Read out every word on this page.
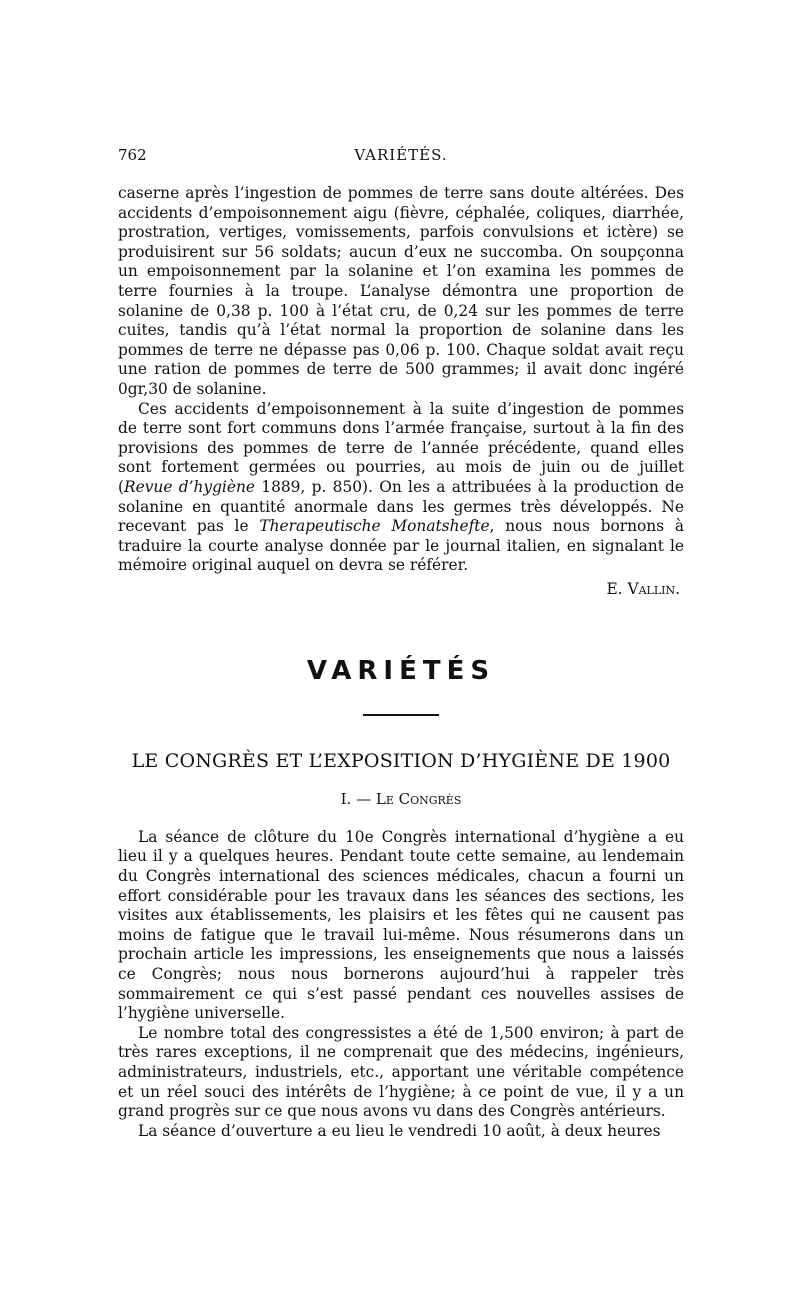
762	VARIÉTÉS.

caserne après l’ingestion de pommes de terre sans doute altérées. Des accidents d’empoisonnement aigu (fièvre, céphalée, coliques, diarrhée, prostration, vertiges, vomissements, parfois convulsions et ictère) se produisirent sur 56 soldats; aucun d’eux ne succomba. On soupçonna un empoisonnement par la solanine et l’on examina les pommes de terre fournies à la troupe. L’analyse démontra une proportion de solanine de 0,38 p. 100 à l’état cru, de 0,24 sur les pommes de terre cuites, tandis qu’à l’état normal la proportion de solanine dans les pommes de terre ne dépasse pas 0,06 p. 100. Chaque soldat avait reçu une ration de pommes de terre de 500 grammes; il avait donc ingéré 0gr,30 de solanine.

Ces accidents d’empoisonnement à la suite d’ingestion de pommes de terre sont fort communs dons l’armée française, surtout à la fin des provisions des pommes de terre de l’année précédente, quand elles sont fortement germées ou pourries, au mois de juin ou de juillet (Revue d’hygiène 1889, p. 850). On les a attribuées à la production de solanine en quantité anormale dans les germes très développés. Ne recevant pas le Therapeutische Monatshefte, nous nous bornons à traduire la courte analyse donnée par le journal italien, en signalant le mémoire original auquel on devra se référer.

E. Vallin.
VARIÉTÉS
LE CONGRÈS ET L’EXPOSITION D’HYGIÈNE DE 1900
I. — Le Congrès

La séance de clôture du 10e Congrès international d’hygiène a eu lieu il y a quelques heures. Pendant toute cette semaine, au lendemain du Congrès international des sciences médicales, chacun a fourni un effort considérable pour les travaux dans les séances des sections, les visites aux établissements, les plaisirs et les fêtes qui ne causent pas moins de fatigue que le travail lui-même. Nous résumerons dans un prochain article les impressions, les enseignements que nous a laissés ce Congrès; nous nous bornerons aujourd’hui à rappeler très sommairement ce qui s’est passé pendant ces nouvelles assises de l’hygiène universelle.

Le nombre total des congressistes a été de 1,500 environ; à part de très rares exceptions, il ne comprenait que des médecins, ingénieurs, administrateurs, industriels, etc., apportant une véritable compétence et un réel souci des intérêts de l’hygiène; à ce point de vue, il y a un grand progrès sur ce que nous avons vu dans des Congrès antérieurs.

La séance d’ouverture a eu lieu le vendredi 10 août, à deux heures
